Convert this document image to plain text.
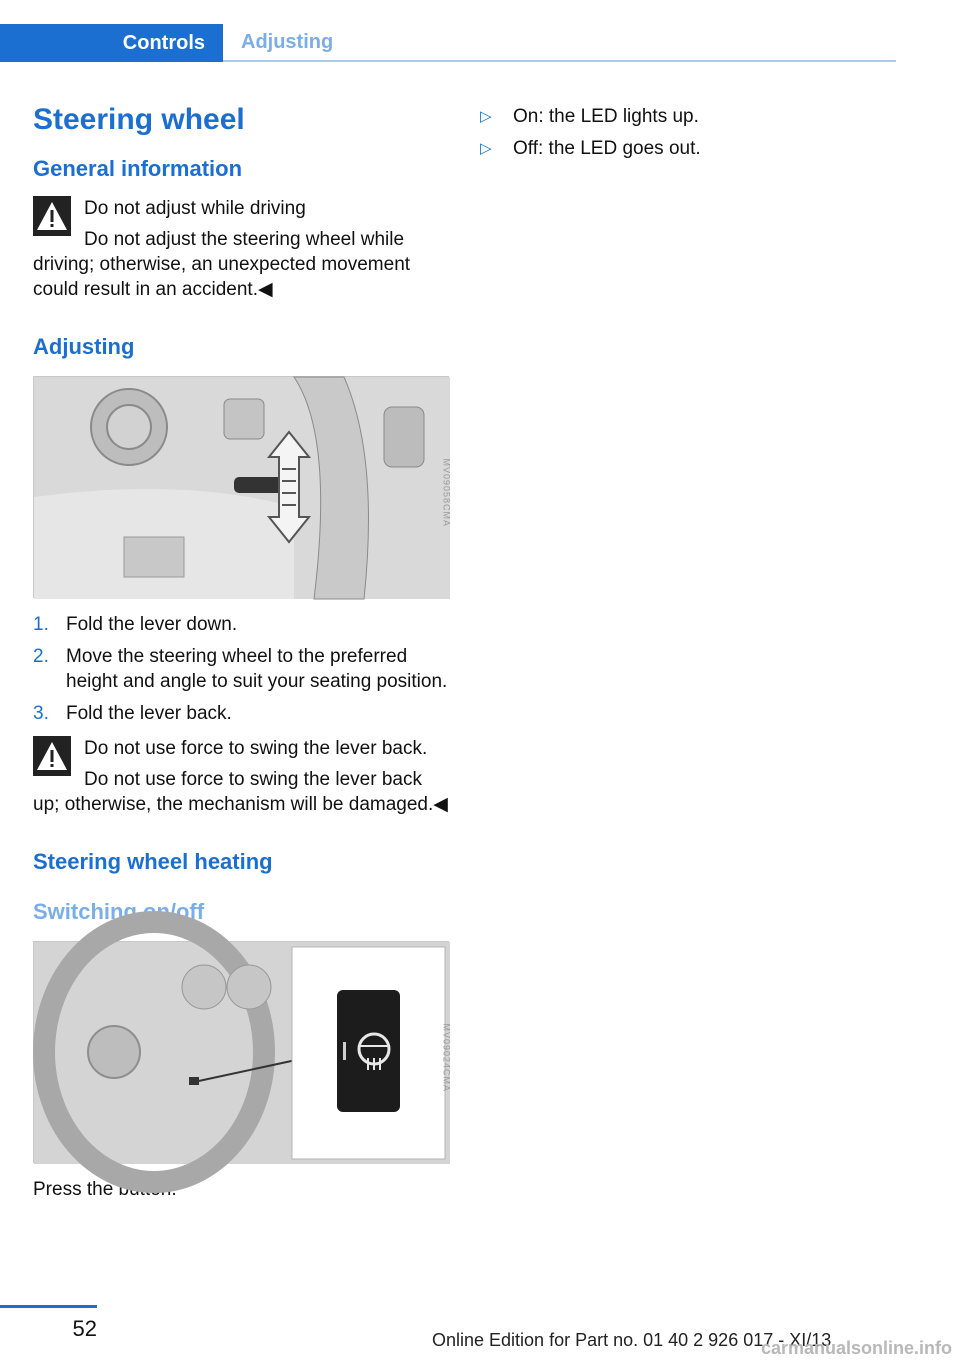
Controls Adjusting
Steering wheel
General information
Do not adjust while driving
Do not adjust the steering wheel while driving; otherwise, an unexpected movement could result in an accident.◀
Adjusting
MV09058CMA
1. Fold the lever down.
2. Move the steering wheel to the preferred height and angle to suit your seating position.
3. Fold the lever back.
Do not use force to swing the lever back.
Do not use force to swing the lever back up; otherwise, the mechanism will be damaged.◀
Steering wheel heating
Switching on/off
MV09024CMA

Press the button.

▷ On: the LED lights up.
▷ Off: the LED goes out.
52	Online Edition for Part no. 01 40 2 926 017 - XI/13
carmanualsonline.info
